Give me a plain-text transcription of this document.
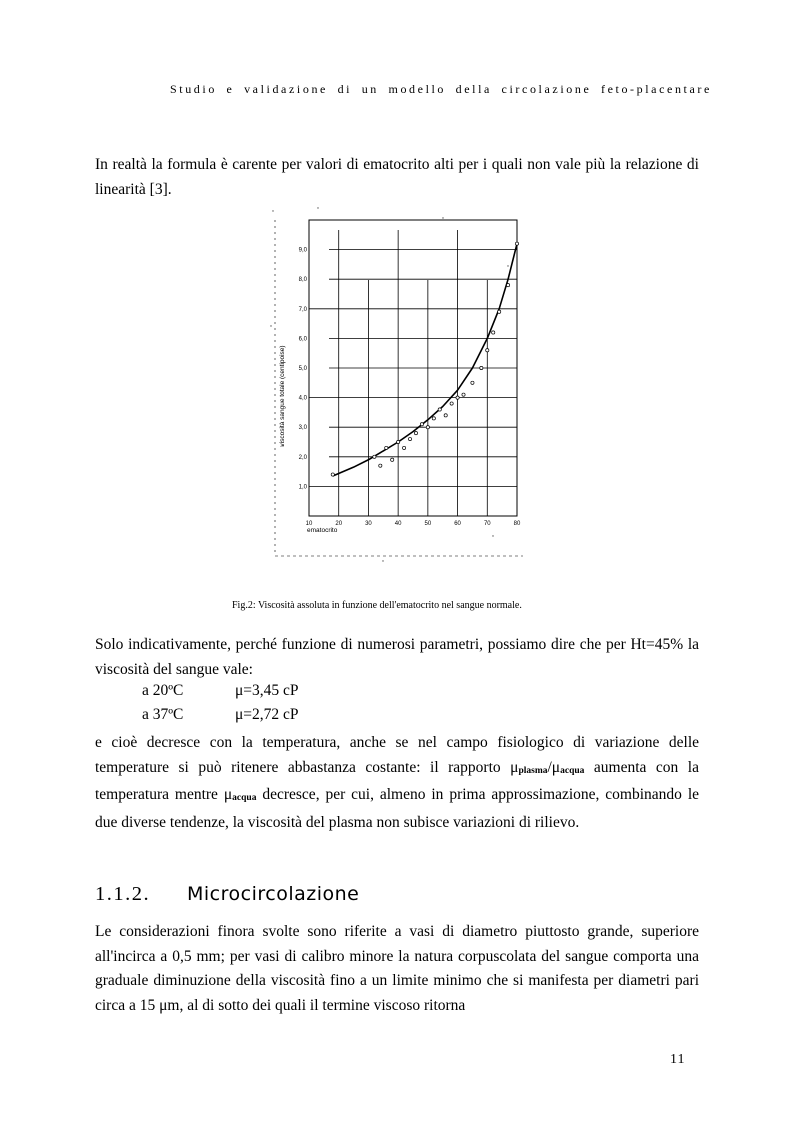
Studio e validazione di un modello della circolazione feto-placentare
In realtà la formula è carente per valori di ematocrito alti per i quali non vale più la relazione di linearità [3].
10	20	30	40	50	60	70	80
1,0
2,0
3,0
4,0
5,0
6,0
7,0
8,0
9,0
viscosità sangue totale (centipoise)
ematocrito
Fig.2: Viscosità assoluta in funzione dell'ematocrito nel sangue normale.
Solo indicativamente, perché funzione di numerosi parametri, possiamo dire che per Ht=45% la viscosità del sangue vale:
a 20ºC	μ=3,45 cP
a 37ºC	μ=2,72 cP
e cioè decresce con la temperatura, anche se nel campo fisiologico di variazione delle temperature si può ritenere abbastanza costante: il rapporto $\mu_{plasma}/\mu_{acqua}$ aumenta con la temperatura mentre $\mu_{acqua}$ decresce, per cui, almeno in prima approssimazione, combinando le due diverse tendenze, la viscosità del plasma non subisce variazioni di rilievo.
1.1.2. Microcircolazione
Le considerazioni finora svolte sono riferite a vasi di diametro piuttosto grande, superiore all'incirca a 0,5 mm; per vasi di calibro minore la natura corpuscolata del sangue comporta una graduale diminuzione della viscosità fino a un limite minimo che si manifesta per diametri pari circa a 15 μm, al di sotto dei quali il termine viscoso ritorna
11
